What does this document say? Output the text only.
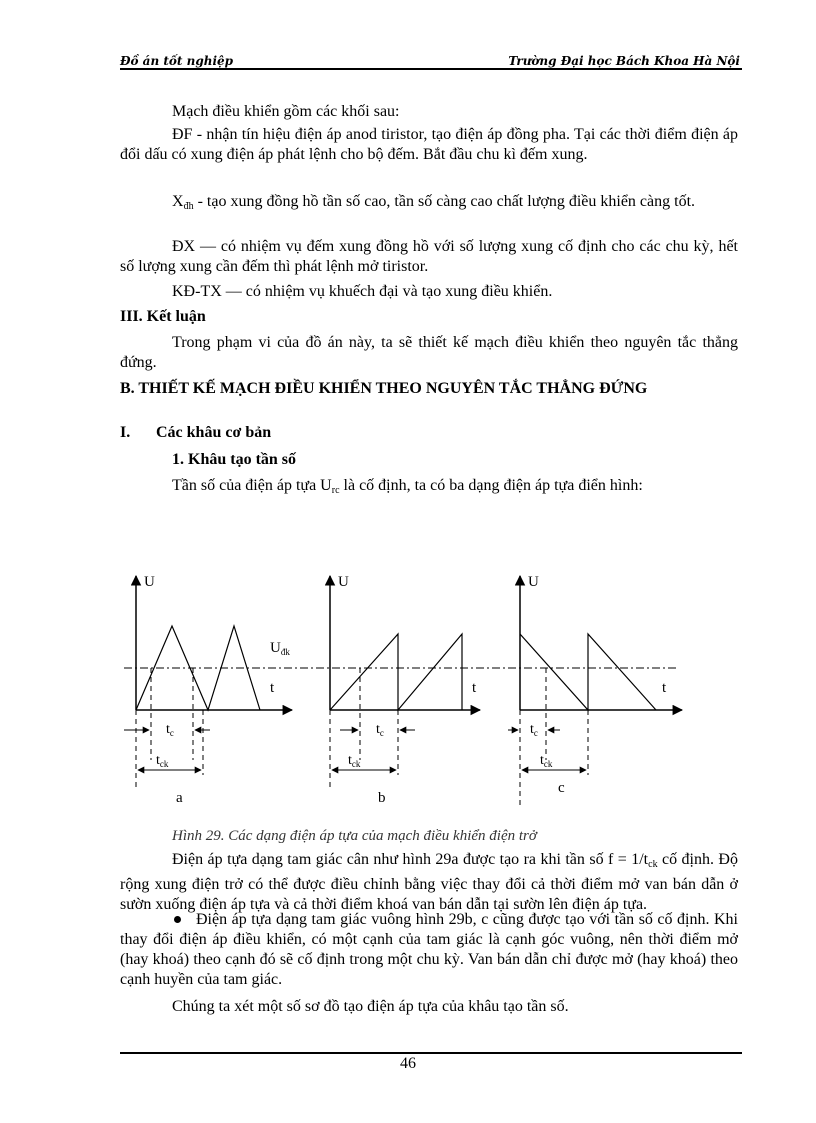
Đồ án tốt nghiệp	Trường Đại học Bách Khoa Hà Nội
Mạch điều khiển gồm các khối sau:

ĐF - nhận tín hiệu điện áp anod tiristor, tạo điện áp đồng pha. Tại các thời điểm điện áp đổi dấu có xung điện áp phát lệnh cho bộ đếm. Bắt đầu chu kì đếm xung.

$X_{đh}$ - tạo xung đồng hồ tần số cao, tần số càng cao chất lượng điều khiển càng tốt.

ĐX — có nhiệm vụ đếm xung đồng hồ với số lượng xung cố định cho các chu kỳ, hết số lượng xung cần đếm thì phát lệnh mở tiristor.

KĐ-TX — có nhiệm vụ khuếch đại và tạo xung điều khiển.

III. Kết luận

Trong phạm vi của đồ án này, ta sẽ thiết kế mạch điều khiển theo nguyên tắc thẳng đứng.

B. THIẾT KẾ MẠCH ĐIỀU KHIỂN THEO NGUYÊN TẮC THẲNG ĐỨNG

I. Các khâu cơ bản
1. Khâu tạo tần số
Tần số của điện áp tựa $U_{rc}$ là cố định, ta có ba dạng điện áp tựa điển hình:
$U_{đk}$
U
$t_c$
$t_{ck}$
a
U
$t_c$
$t_{ck}$
b
t
U
$t_c$
$t_{ck}$
c
t
t
Hình 29. Các dạng điện áp tựa của mạch điều khiển điện trở

Điện áp tựa dạng tam giác cân như hình 29a được tạo ra khi tần số $f = 1/t_{ck}$ cố định. Độ rộng xung điện trở có thể được điều chỉnh bằng việc thay đổi cả thời điểm mở van bán dẫn ở sườn xuống điện áp tựa và cả thời điểm khoá van bán dẫn tại sườn lên điện áp tựa.

Điện áp tựa dạng tam giác vuông hình 29b, c cũng được tạo với tần số cố định. Khi thay đổi điện áp điều khiển, có một cạnh của tam giác là cạnh góc vuông, nên thời điểm mở (hay khoá) theo cạnh đó sẽ cố định trong một chu kỳ. Van bán dẫn chỉ được mở (hay khoá) theo cạnh huyền của tam giác.

Chúng ta xét một số sơ đồ tạo điện áp tựa của khâu tạo tần số.

46
